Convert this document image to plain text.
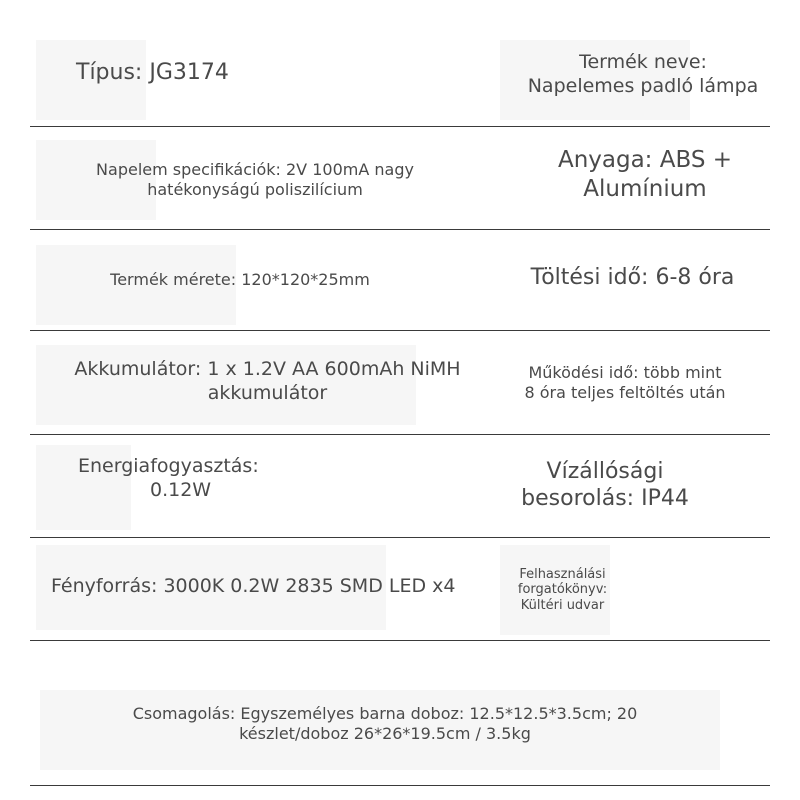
Típus: JG3174	Termék neve:
Napelemes padló lámpa
Napelem specifikációk: 2V 100mA nagy
hatékonyságú poliszilícium
Anyaga: ABS +
Alumínium
Termék mérete: 120*120*25mm	Töltési idő: 6-8 óra
Akkumulátor: 1 x 1.2V AA 600mAh NiMH
akkumulátor
Működési idő: több mint
8 óra teljes feltöltés után
Energiafogyasztás:
0.12W
Vízállósági
besorolás: IP44
Fényforrás: 3000K 0.2W 2835 SMD LED x4
Felhasználási
forgatókönyv:
Kültéri udvar
Csomagolás: Egyszemélyes barna doboz: 12.5*12.5*3.5cm; 20
készlet/doboz 26*26*19.5cm / 3.5kg
